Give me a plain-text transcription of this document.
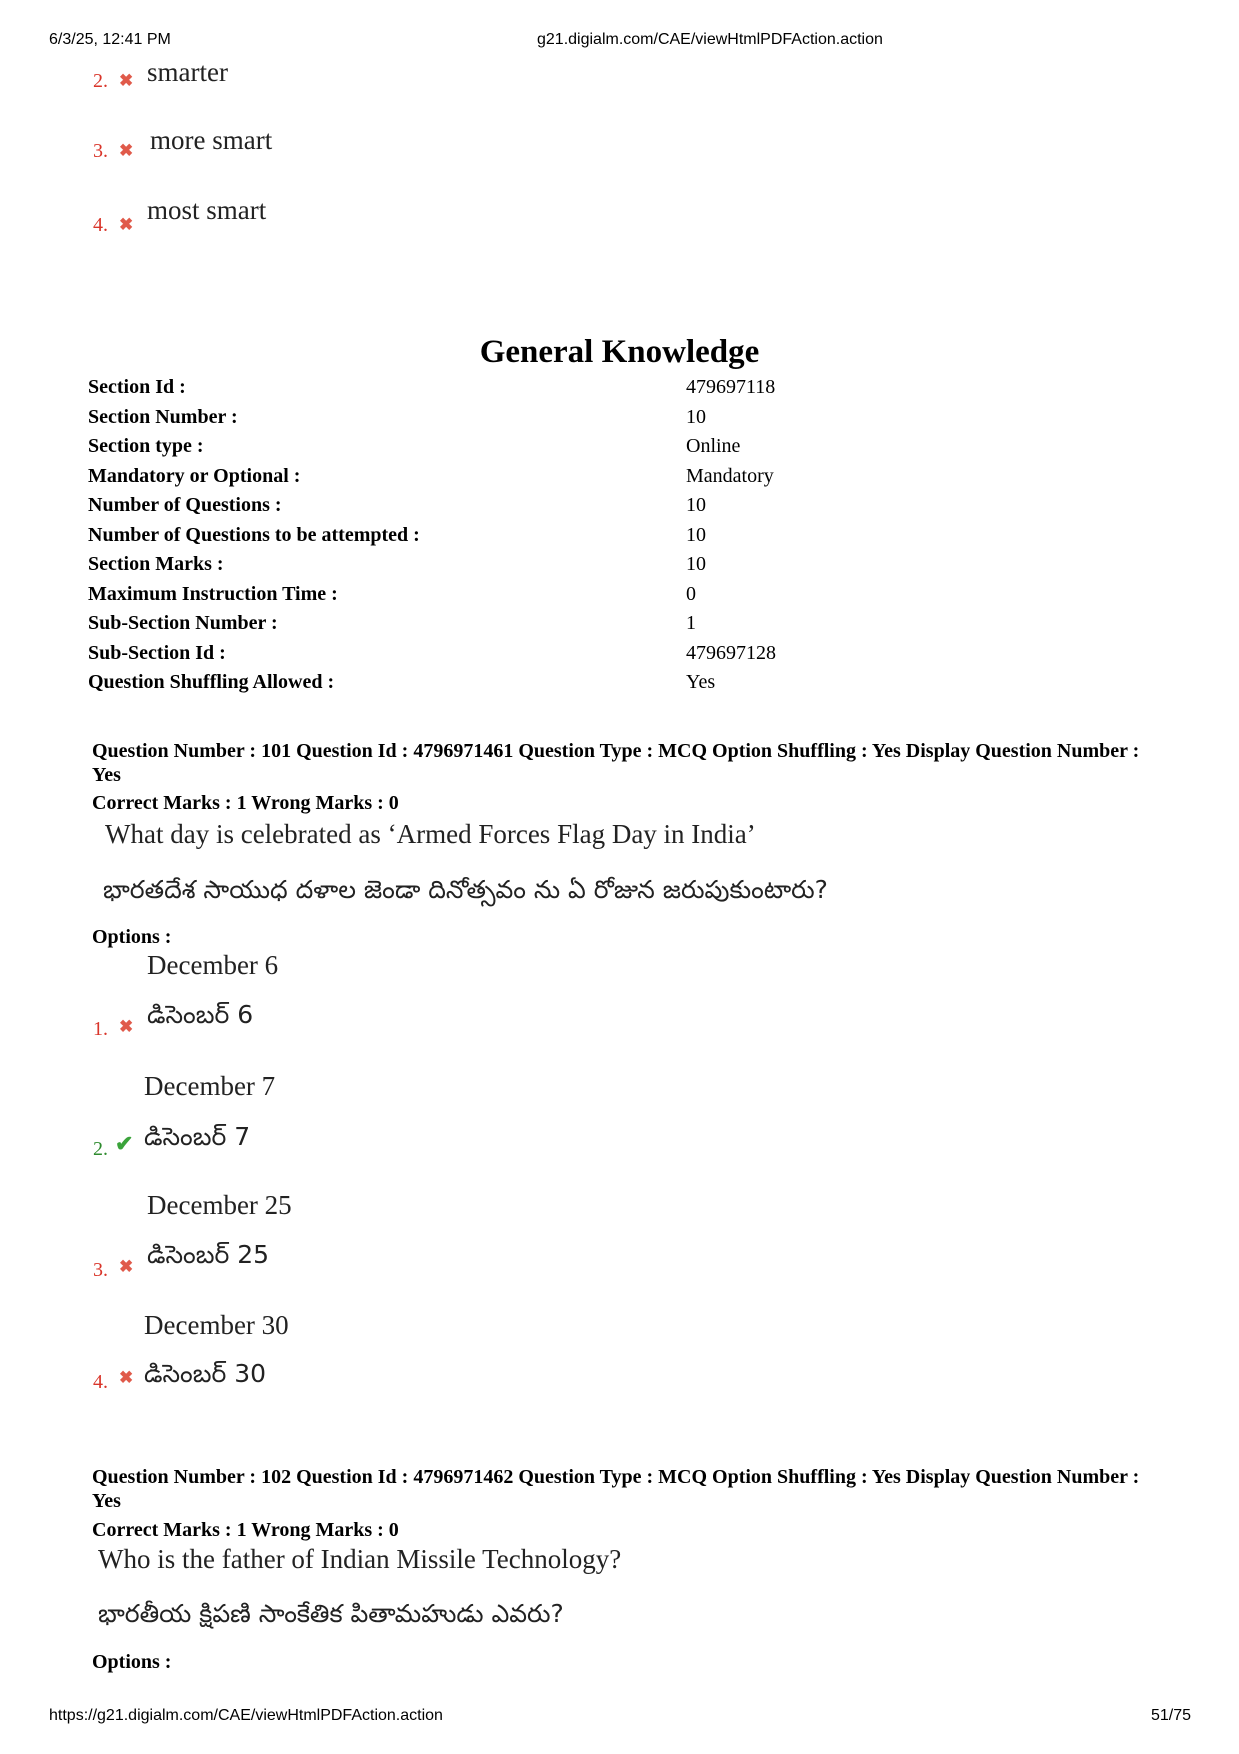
6/3/25, 12:41 PM	g21.digialm.com/CAE/viewHtmlPDFAction.action
2. ✖ smarter
3. ✖ more smart
4. ✖ most smart
General Knowledge
Section Id :	479697118
Section Number :	10
Section type :	Online
Mandatory or Optional :	Mandatory
Number of Questions :	10
Number of Questions to be attempted :	10
Section Marks :	10
Maximum Instruction Time :	0
Sub-Section Number :	1
Sub-Section Id :	479697128
Question Shuffling Allowed :	Yes
Question Number : 101 Question Id : 4796971461 Question Type : MCQ Option Shuffling : Yes Display Question Number : Yes
Correct Marks : 1 Wrong Marks : 0
What day is celebrated as ‘Armed Forces Flag Day in India’
భారతదేశ సాయుధ దళాల జెండా దినోత్సవం ను ఏ రోజున జరుపుకుంటారు?
Options :
December 6
1. ✖ డిసెంబర్ 6
December 7
2. ✔ డిసెంబర్ 7
December 25
3. ✖ డిసెంబర్ 25
December 30
4. ✖ డిసెంబర్ 30
Question Number : 102 Question Id : 4796971462 Question Type : MCQ Option Shuffling : Yes Display Question Number : Yes
Correct Marks : 1 Wrong Marks : 0
Who is the father of Indian Missile Technology?
భారతీయ క్షిపణి సాంకేతిక పితామహుడు ఎవరు?
Options :
https://g21.digialm.com/CAE/viewHtmlPDFAction.action	51/75
